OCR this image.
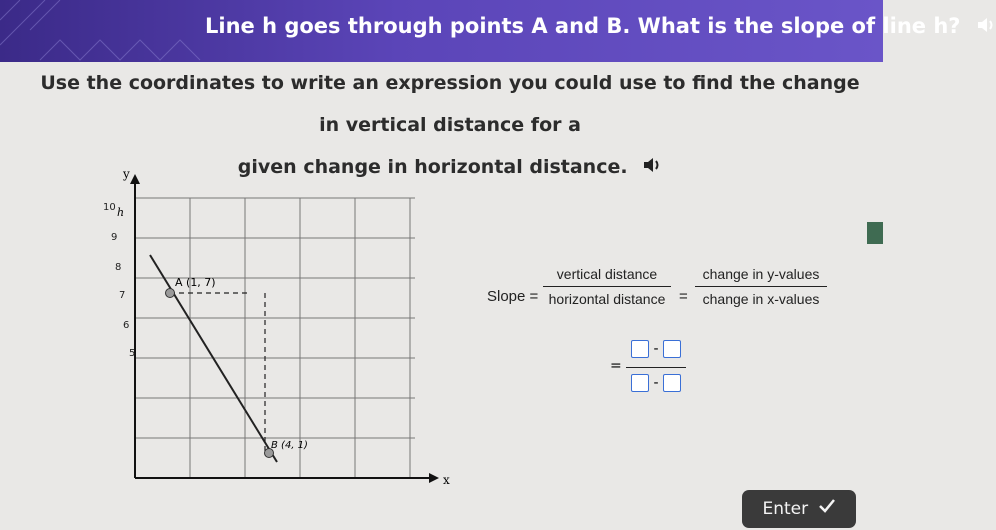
Line h goes through points A and B. What is the slope of line h?
Use the coordinates to write an expression you could use to find the change in vertical distance for a
given change in horizontal distance.
y
x
h
10
9
8
7
6
5
A (1, 7)
B (4, 1)
Slope =
vertical distance
horizontal distance =
change in y-values
change in x-values
=
-
-
Enter
